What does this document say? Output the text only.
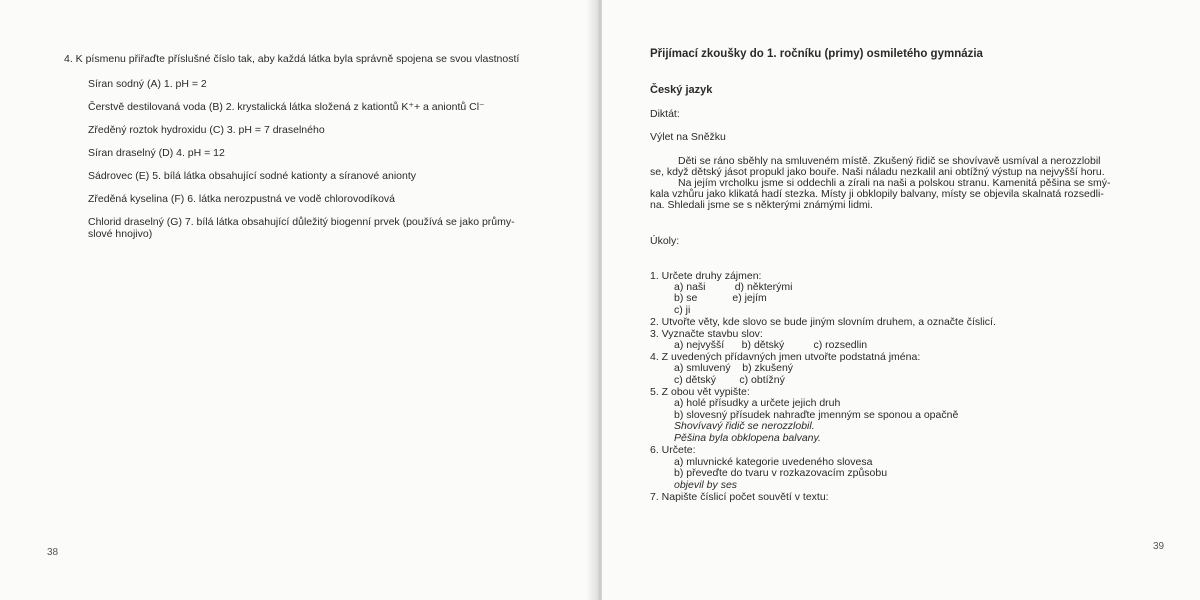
4. K písmenu přiřaďte příslušné číslo tak, aby každá látka byla správně spojena se svou vlastností
Síran sodný (A) 1. pH = 2
Čerstvě destilovaná voda (B) 2. krystalická látka složená z kationtů K⁺+ a aniontů Cl⁻
Zředěný roztok hydroxidu (C) 3. pH = 7 draselného
Síran draselný (D) 4. pH = 12
Sádrovec (E) 5. bílá látka obsahující sodné kationty a síranové anionty
Zředěná kyselina (F) 6. látka nerozpustná ve vodě chlorovodíková
Chlorid draselný (G) 7. bílá látka obsahující důležitý biogenní prvek (používá se jako průmy-
slové hnojivo)
38
Přijímací zkoušky do 1. ročníku (primy) osmiletého gymnázia
Český jazyk
Diktát:
Výlet na Sněžku
Děti se ráno sběhly na smluveném místě. Zkušený řidič se shovívavě usmíval a nerozzlobil
se, když dětský jásot propukl jako bouře. Naši náladu nezkalil ani obtížný výstup na nejvyšší horu.
Na jejím vrcholku jsme si oddechli a zírali na naši a polskou stranu. Kamenitá pěšina se smý-
kala vzhůru jako klikatá hadí stezka. Místy ji obklopily balvany, místy se objevila skalnatá rozsedli-
na. Shledali jsme se s některými známými lidmi.
Úkoly:
1. Určete druhy zájmen:
a) naši          d) některými
b) se            e) jejím
c) ji
2. Utvořte věty, kde slovo se bude jiným slovním druhem, a označte číslicí.
3. Vyznačte stavbu slov:
a) nejvyšší      b) dětský          c) rozsedlin
4. Z uvedených přídavných jmen utvořte podstatná jména:
a) smluvený    b) zkušený
c) dětský        c) obtížný
5. Z obou vět vypište:
a) holé přísudky a určete jejich druh
b) slovesný přísudek nahraďte jmenným se sponou a opačně
Shovívavý řidič se nerozzlobil.
Pěšina byla obklopena balvany.
6. Určete:
a) mluvnické kategorie uvedeného slovesa
b) převeďte do tvaru v rozkazovacím způsobu
objevil by ses
7. Napište číslicí počet souvětí v textu:
39
